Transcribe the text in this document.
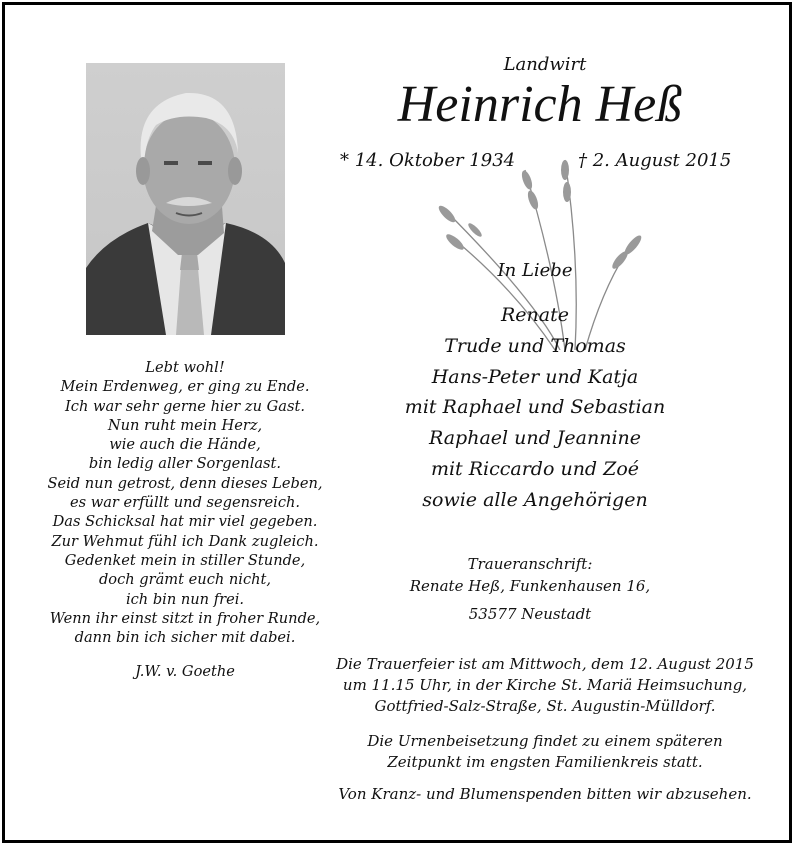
Landwirt
Heinrich Heß
* 14. Oktober 1934	† 2. August 2015
In Liebe
Renate
Trude und Thomas
Hans-Peter und Katja
mit Raphael und Sebastian
Raphael und Jeannine
mit Riccardo und Zoé
sowie alle Angehörigen
Lebt wohl!
Mein Erdenweg, er ging zu Ende.
Ich war sehr gerne hier zu Gast.
Nun ruht mein Herz,
wie auch die Hände,
bin ledig aller Sorgenlast.
Seid nun getrost, denn dieses Leben,
es war erfüllt und segensreich.
Das Schicksal hat mir viel gegeben.
Zur Wehmut fühl ich Dank zugleich.
Gedenket mein in stiller Stunde,
doch grämt euch nicht,
ich bin nun frei.
Wenn ihr einst sitzt in froher Runde,
dann bin ich sicher mit dabei.
J.W. v. Goethe
Traueranschrift:
Renate Heß, Funkenhausen 16,
53577 Neustadt
Die Trauerfeier ist am Mittwoch, dem 12. August 2015
um 11.15 Uhr, in der Kirche St. Mariä Heimsuchung,
Gottfried-Salz-Straße, St. Augustin-Mülldorf.
Die Urnenbeisetzung findet zu einem späteren
Zeitpunkt im engsten Familienkreis statt.
Von Kranz- und Blumenspenden bitten wir abzusehen.
